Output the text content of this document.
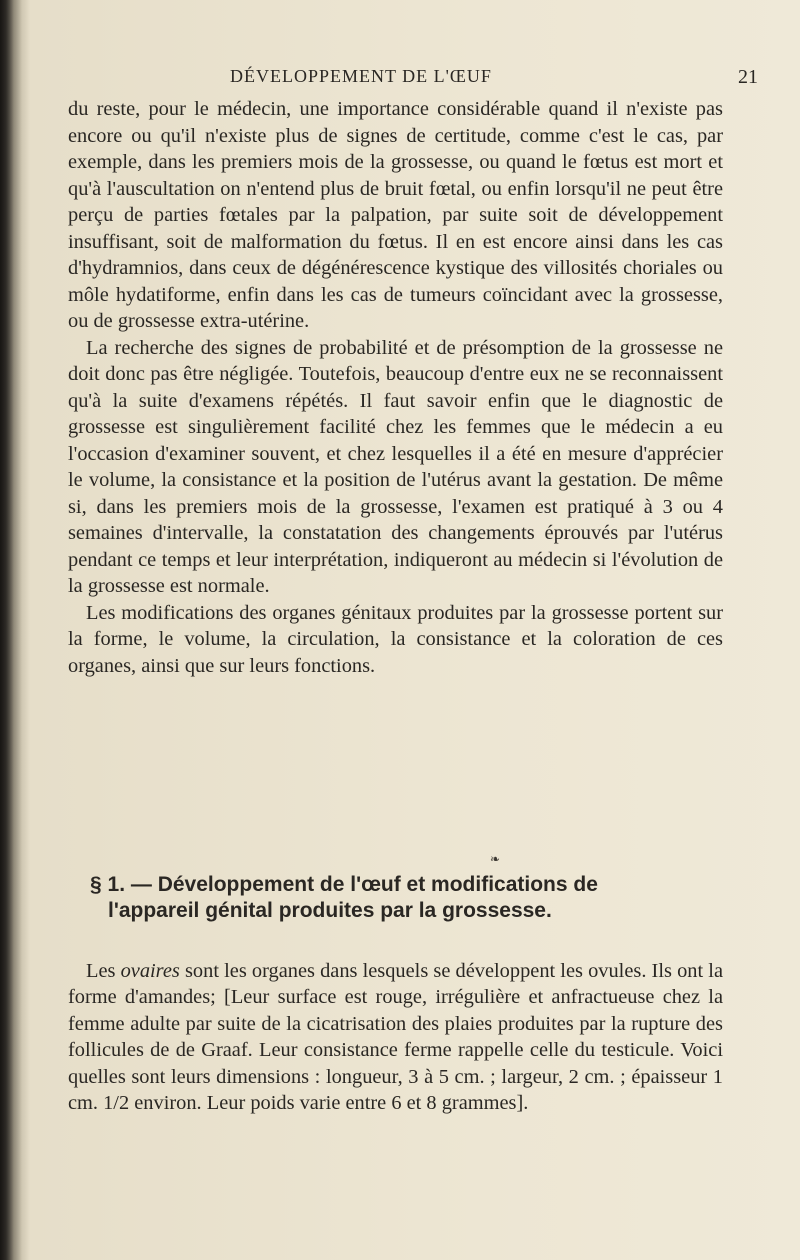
DÉVELOPPEMENT DE L'ŒUF	21

du reste, pour le médecin, une importance considérable quand il n'existe pas encore ou qu'il n'existe plus de signes de certitude, comme c'est le cas, par exemple, dans les premiers mois de la grossesse, ou quand le fœtus est mort et qu'à l'auscultation on n'entend plus de bruit fœtal, ou enfin lorsqu'il ne peut être perçu de parties fœtales par la palpation, par suite soit de développement insuffisant, soit de malformation du fœtus. Il en est encore ainsi dans les cas d'hydramnios, dans ceux de dégénérescence kystique des villosités choriales ou môle hydatiforme, enfin dans les cas de tumeurs coïncidant avec la grossesse, ou de grossesse extra-utérine.

La recherche des signes de probabilité et de présomption de la grossesse ne doit donc pas être négligée. Toutefois, beaucoup d'entre eux ne se reconnaissent qu'à la suite d'examens répétés. Il faut savoir enfin que le diagnostic de grossesse est singulièrement facilité chez les femmes que le médecin a eu l'occasion d'examiner souvent, et chez lesquelles il a été en mesure d'apprécier le volume, la consistance et la position de l'utérus avant la gestation. De même si, dans les premiers mois de la grossesse, l'examen est pratiqué à 3 ou 4 semaines d'intervalle, la constatation des changements éprouvés par l'utérus pendant ce temps et leur interprétation, indiqueront au médecin si l'évolution de la grossesse est normale.

Les modifications des organes génitaux produites par la grossesse portent sur la forme, le volume, la circulation, la consistance et la coloration de ces organes, ainsi que sur leurs fonctions.

❧
§ 1. — Développement de l'œuf et modifications de
l'appareil génital produites par la grossesse.

Les ovaires sont les organes dans lesquels se développent les ovules. Ils ont la forme d'amandes; [Leur surface est rouge, irrégulière et anfractueuse chez la femme adulte par suite de la cicatrisation des plaies produites par la rupture des follicules de de Graaf. Leur consistance ferme rappelle celle du testicule. Voici quelles sont leurs dimensions : longueur, 3 à 5 cm. ; largeur, 2 cm. ; épaisseur 1 cm. 1/2 environ. Leur poids varie entre 6 et 8 grammes].
